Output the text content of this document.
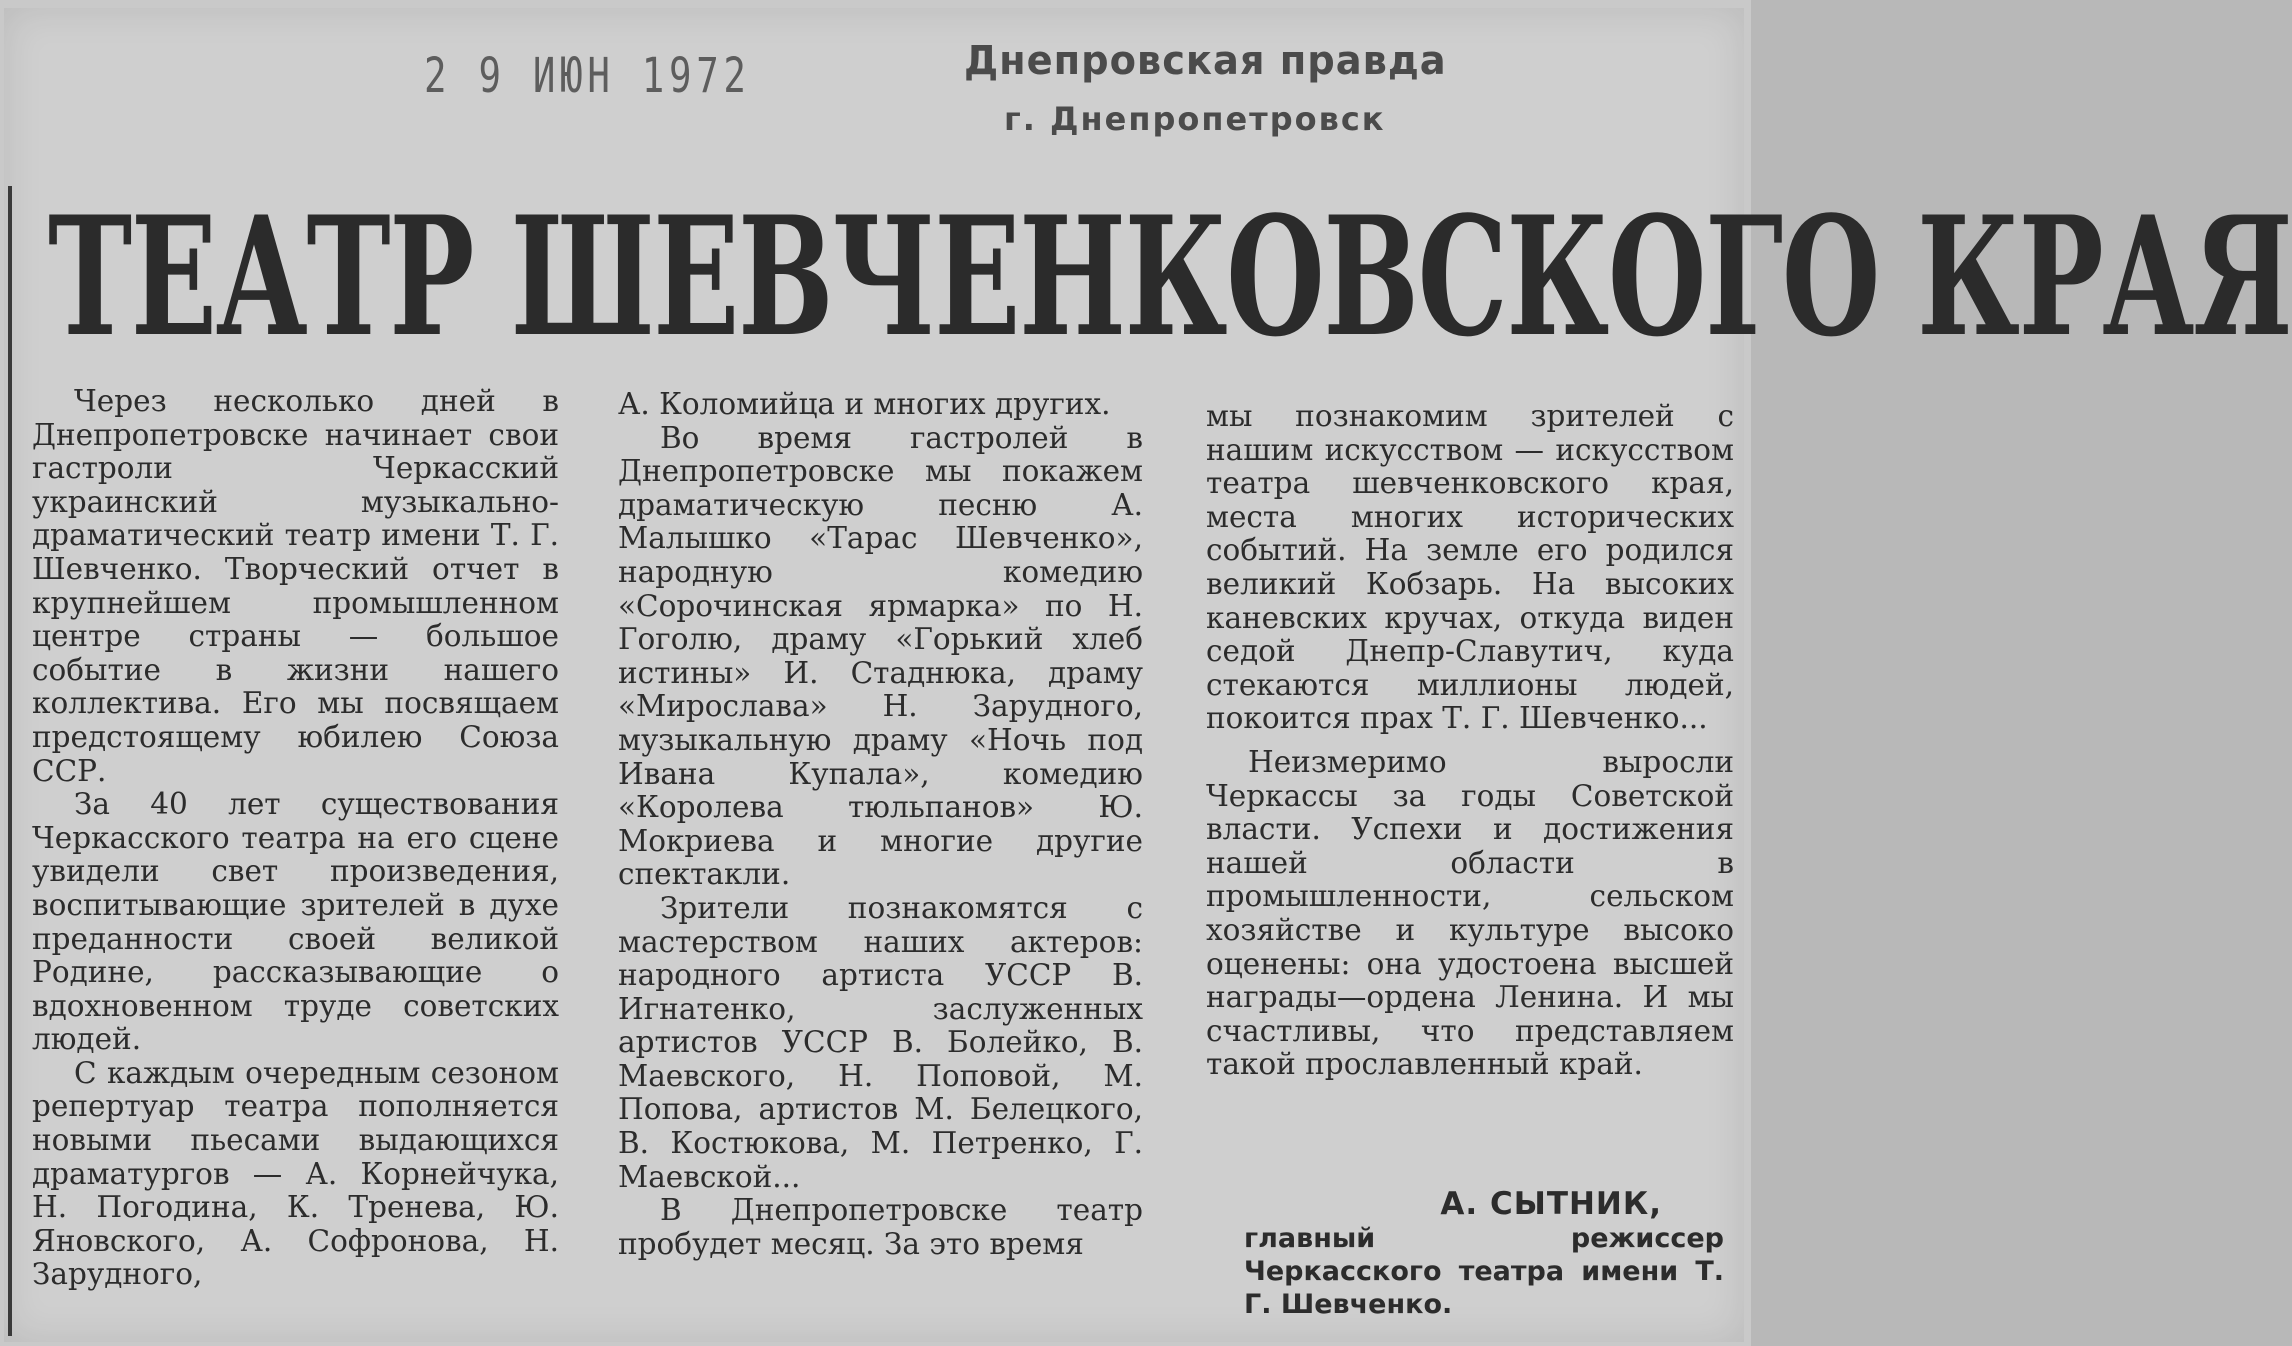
2 9 ИЮН 1972	Днепровская правда
г. Днепропетровск
ТЕАТР ШЕВЧЕНКОВСКОГО КРАЯ

Через несколько дней в Днепропетровске начинает свои гастроли Черкасский украинский музыкально-драматический театр имени Т. Г. Шевченко. Творческий отчет в крупнейшем промышленном центре страны — большое событие в жизни нашего коллектива. Его мы посвящаем предстоящему юбилею Союза ССР.

За 40 лет существования Черкасского театра на его сцене увидели свет произведения, воспитывающие зрителей в духе преданности своей великой Родине, рассказывающие о вдохновенном труде советских людей.

С каждым очередным сезоном репертуар театра пополняется новыми пьесами выдающихся драматургов — А. Корнейчука, Н. Погодина, К. Тренева, Ю. Яновского, А. Софронова, Н. Зарудного,

А. Коломийца и многих других.

Во время гастролей в Днепропетровске мы покажем драматическую песню А. Малышко «Тарас Шевченко», народную комедию «Сорочинская ярмарка» по Н. Гоголю, драму «Горький хлеб истины» И. Стаднюка, драму «Мирослава» Н. Зарудного, музыкальную драму «Ночь под Ивана Купала», комедию «Королева тюльпанов» Ю. Мокриева и многие другие спектакли.

Зрители познакомятся с мастерством наших актеров: народного артиста УССР В. Игнатенко, заслуженных артистов УССР В. Болейко, В. Маевского, Н. Поповой, М. Попова, артистов М. Белецкого, В. Костюкова, М. Петренко, Г. Маевской...

В Днепропетровске театр пробудет месяц. За это время

мы познакомим зрителей с нашим искусством — искусством театра шевченковского края, места многих исторических событий. На земле его родился великий Кобзарь. На высоких каневских кручах, откуда виден седой Днепр-Славутич, куда стекаются миллионы людей, покоится прах Т. Г. Шевченко...

Неизмеримо выросли Черкассы за годы Советской власти. Успехи и достижения нашей области в промышленности, сельском хозяйстве и культуре высоко оценены: она удостоена высшей награды—ордена Ленина. И мы счастливы, что представляем такой прославленный край.

А. СЫТНИК,
главный режиссер Черкасского театра имени Т. Г. Шевченко.
